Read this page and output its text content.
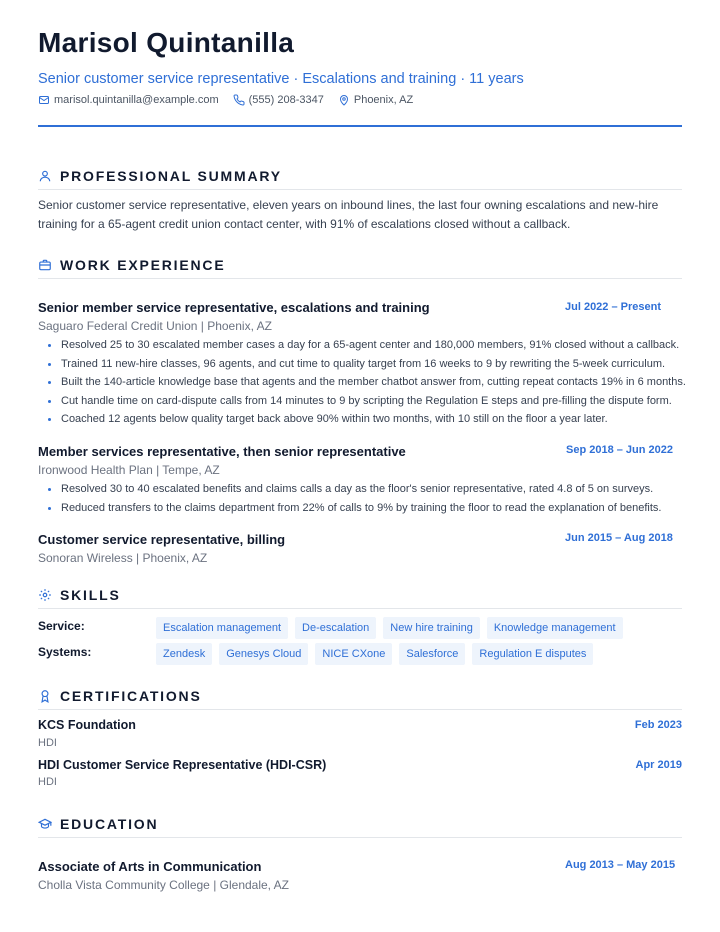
Marisol Quintanilla
Senior customer service representative · Escalations and training · 11 years
marisol.quintanilla@example.com	(555) 208-3347	Phoenix, AZ
PROFESSIONAL SUMMARY

Senior customer service representative, eleven years on inbound lines, the last four owning escalations and new-hire training for a 65-agent credit union contact center, with 91% of escalations closed without a callback.

WORK EXPERIENCE
Senior member service representative, escalations and training	Jul 2022 – Present
Saguaro Federal Credit Union | Phoenix, AZ
Resolved 25 to 30 escalated member cases a day for a 65-agent center and 180,000 members, 91% closed without a callback.
Trained 11 new-hire classes, 96 agents, and cut time to quality target from 16 weeks to 9 by rewriting the 5-week curriculum.
Built the 140-article knowledge base that agents and the member chatbot answer from, cutting repeat contacts 19% in 6 months.
Cut handle time on card-dispute calls from 14 minutes to 9 by scripting the Regulation E steps and pre-filling the dispute form.
Coached 12 agents below quality target back above 90% within two months, with 10 still on the floor a year later.
Member services representative, then senior representative	Sep 2018 – Jun 2022
Ironwood Health Plan | Tempe, AZ
Resolved 30 to 40 escalated benefits and claims calls a day as the floor's senior representative, rated 4.8 of 5 on surveys.
Reduced transfers to the claims department from 22% of calls to 9% by training the floor to read the explanation of benefits.
Customer service representative, billing	Jun 2015 – Aug 2018
Sonoran Wireless | Phoenix, AZ
SKILLS
Service:	Escalation management	De-escalation	New hire training	Knowledge management
Systems:	Zendesk	Genesys Cloud	NICE CXone	Salesforce	Regulation E disputes
CERTIFICATIONS
KCS Foundation	Feb 2023
HDI
HDI Customer Service Representative (HDI-CSR)	Apr 2019
HDI
EDUCATION
Associate of Arts in Communication	Aug 2013 – May 2015
Cholla Vista Community College | Glendale, AZ
